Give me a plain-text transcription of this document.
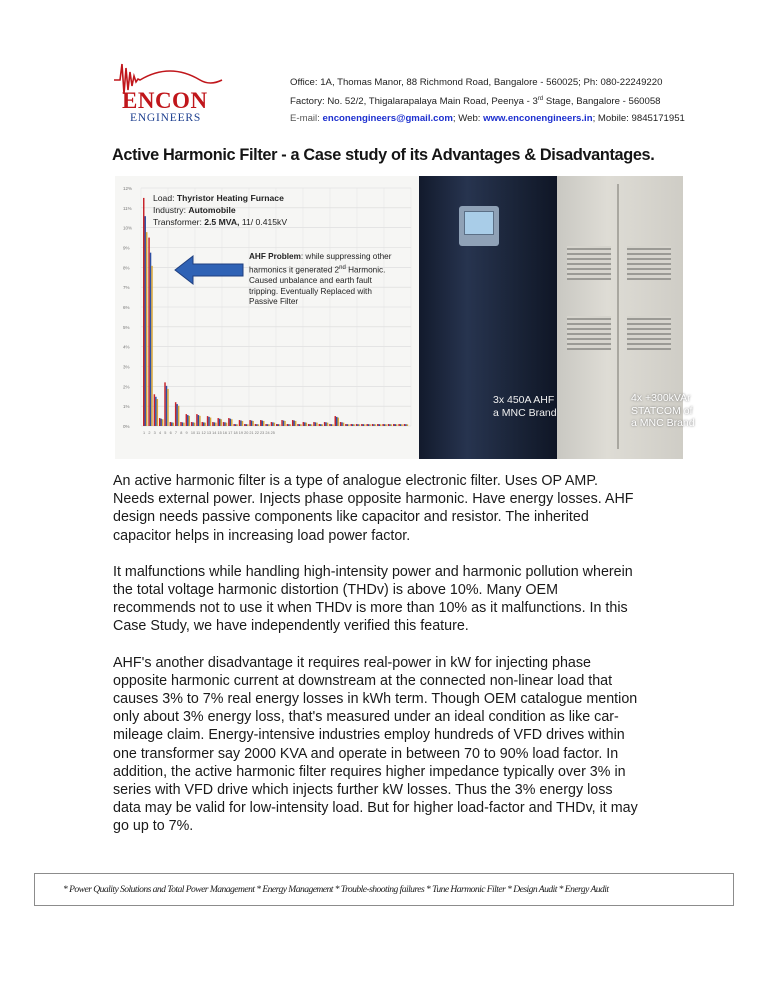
ENCON
ENGINEERS
Office: 1A, Thomas Manor, 88 Richmond Road, Bangalore - 560025; Ph: 080-22249220
Factory: No. 52/2, Thigalarapalaya Main Road, Peenya - 3rd Stage, Bangalore - 560058
E-mail: enconengineers@gmail.com; Web: www.enconengineers.in; Mobile: 9845171951
Active Harmonic Filter - a Case study of its Advantages & Disadvantages.
12%
11%
10%
9%
8%
7%
6%
5%
4%
3%
2%
1%
0%
1 2 3 4 5 6 7 8 9 10 11 12 13 14 15 16 17 18 19 20 21 22 23 24 25
Load: Thyristor Heating Furnace
Industry: Automobile
Transformer: 2.5 MVA, 11/ 0.415kV
AHF Problem: while suppressing other harmonics it generated 2nd Harmonic. Caused unbalance and earth fault tripping. Eventually Replaced with Passive Filter
3x 450A AHF
a MNC Brand
4x +300kVAr
STATCOM of
a MNC Brand

An active harmonic filter is a type of analogue electronic filter. Uses OP AMP.
Needs external power. Injects phase opposite harmonic. Have energy losses. AHF
design needs passive components like capacitor and resistor. The inherited
capacitor helps in increasing load power factor.

It malfunctions while handling high-intensity power and harmonic pollution wherein
the total voltage harmonic distortion (THDv) is above 10%. Many OEM
recommends not to use it when THDv is more than 10% as it malfunctions. In this
Case Study, we have independently verified this feature.

AHF's another disadvantage it requires real-power in kW for injecting phase
opposite harmonic current at downstream at the connected non-linear load that
causes 3% to 7% real energy losses in kWh term. Though OEM catalogue mention
only about 3% energy loss, that's measured under an ideal condition as like car-
mileage claim. Energy-intensive industries employ hundreds of VFD drives within
one transformer say 2000 KVA and operate in between 70 to 90% load factor. In
addition, the active harmonic filter requires higher impedance typically over 3% in
series with VFD drive which injects further kW losses. Thus the 3% energy loss
data may be valid for low-intensity load. But for higher load-factor and THDv, it may
go up to 7%.

* Power Quality Solutions and Total Power Management * Energy Management * Trouble-shooting failures * Tune Harmonic Filter * Design Audit * Energy Audit
